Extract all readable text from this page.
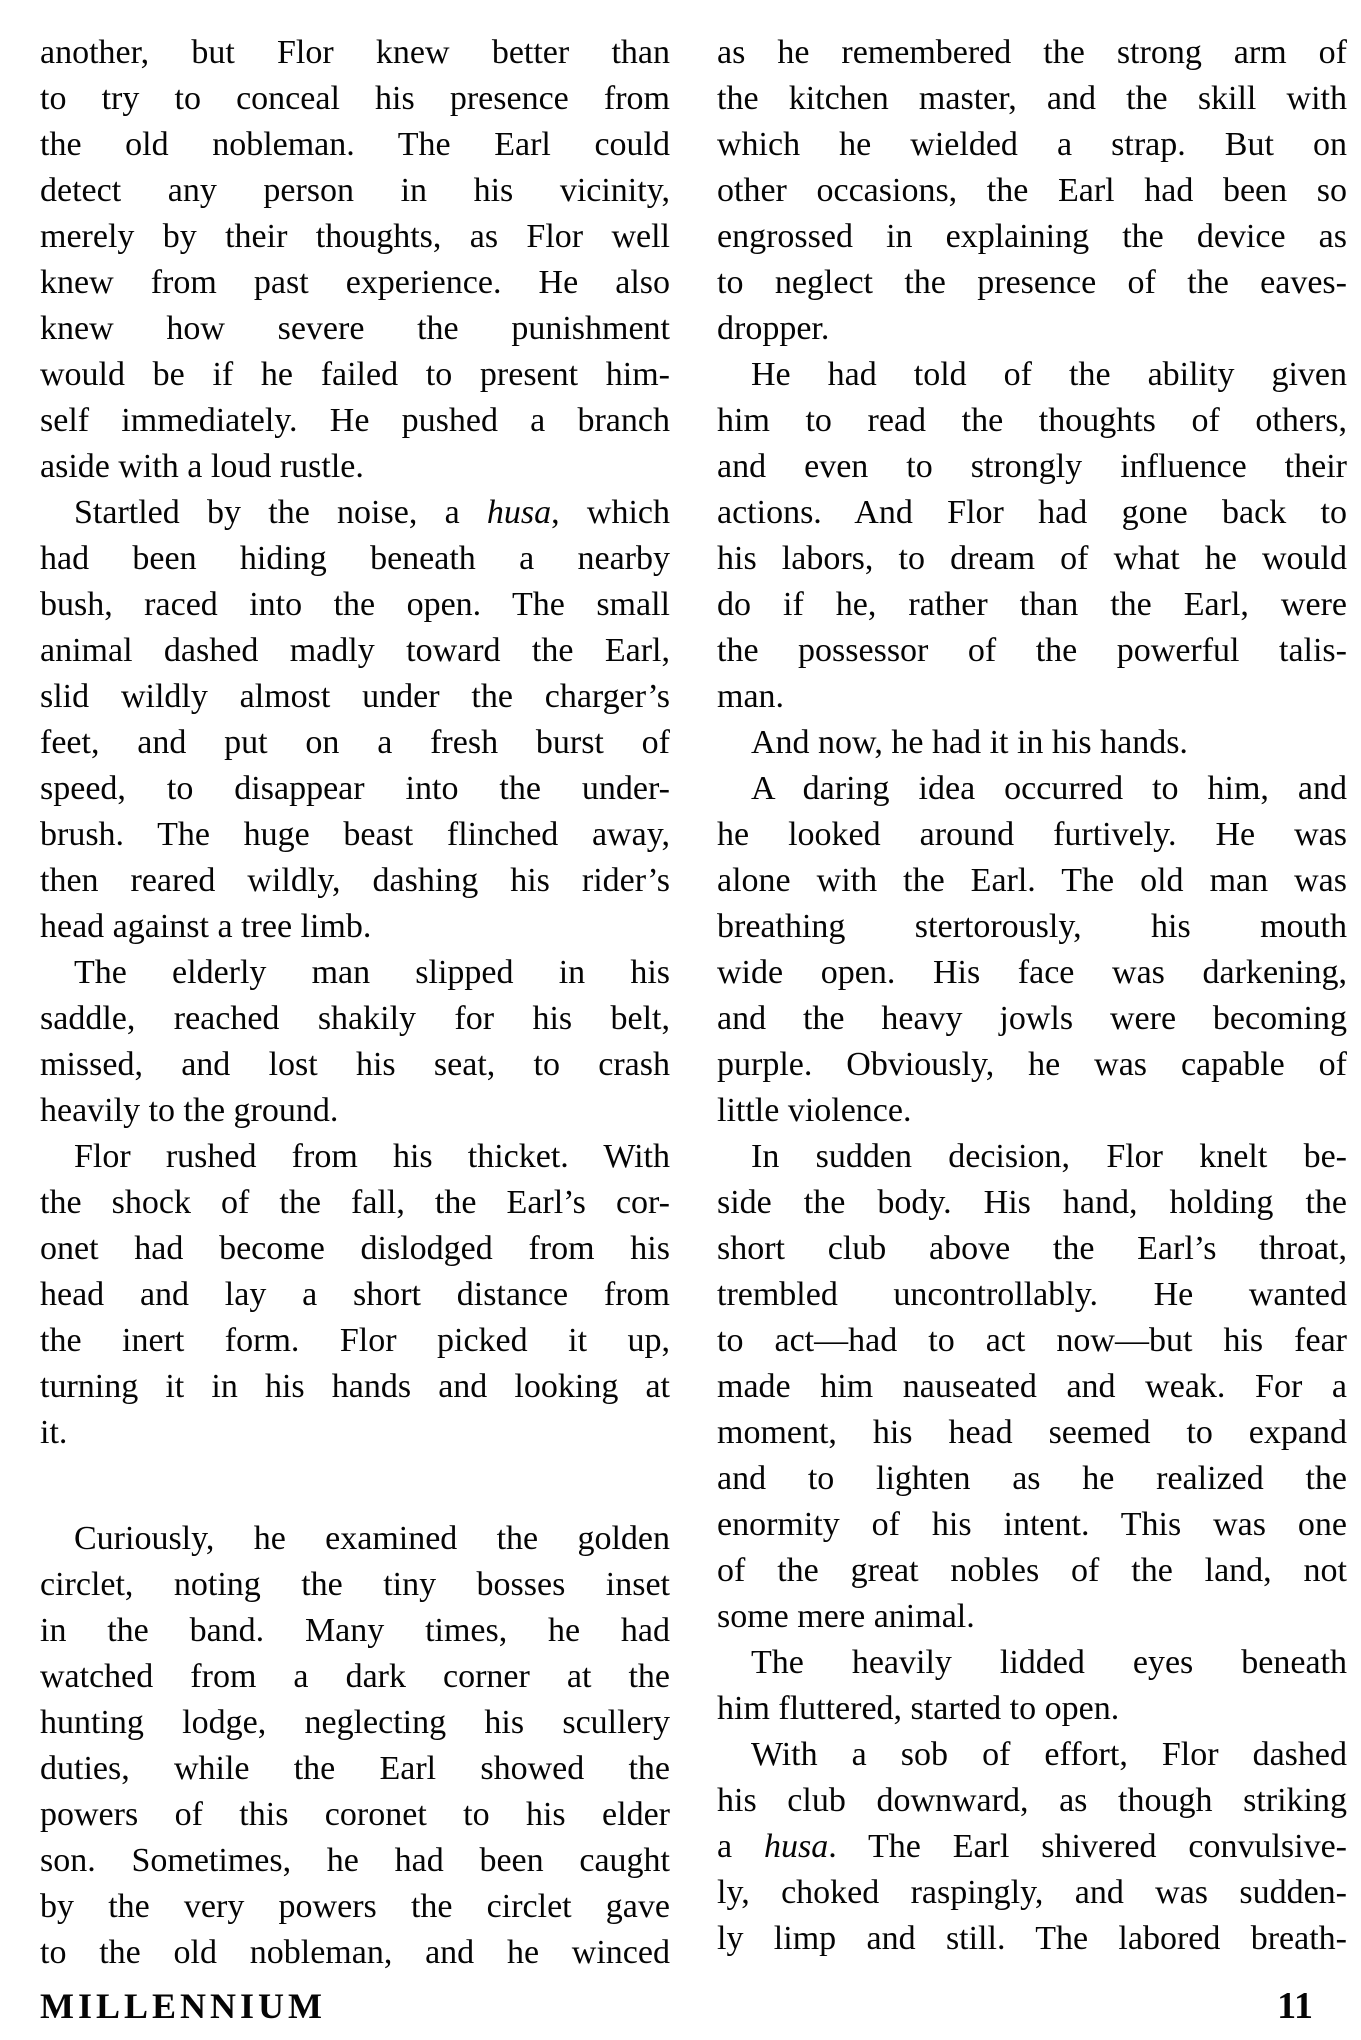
another, but Flor knew better than
to try to conceal his presence from
the old nobleman. The Earl could
detect any person in his vicinity,
merely by their thoughts, as Flor well
knew from past experience. He also
knew how severe the punishment
would be if he failed to present him-
self immediately. He pushed a branch
aside with a loud rustle.
Startled by the noise, a husa, which
had been hiding beneath a nearby
bush, raced into the open. The small
animal dashed madly toward the Earl,
slid wildly almost under the charger’s
feet, and put on a fresh burst of
speed, to disappear into the under-
brush. The huge beast flinched away,
then reared wildly, dashing his rider’s
head against a tree limb.
The elderly man slipped in his
saddle, reached shakily for his belt,
missed, and lost his seat, to crash
heavily to the ground.
Flor rushed from his thicket. With
the shock of the fall, the Earl’s cor-
onet had become dislodged from his
head and lay a short distance from
the inert form. Flor picked it up,
turning it in his hands and looking at
it.
Curiously, he examined the golden
circlet, noting the tiny bosses inset
in the band. Many times, he had
watched from a dark corner at the
hunting lodge, neglecting his scullery
duties, while the Earl showed the
powers of this coronet to his elder
son. Sometimes, he had been caught
by the very powers the circlet gave
to the old nobleman, and he winced
as he remembered the strong arm of
the kitchen master, and the skill with
which he wielded a strap. But on
other occasions, the Earl had been so
engrossed in explaining the device as
to neglect the presence of the eaves-
dropper.
He had told of the ability given
him to read the thoughts of others,
and even to strongly influence their
actions. And Flor had gone back to
his labors, to dream of what he would
do if he, rather than the Earl, were
the possessor of the powerful talis-
man.
And now, he had it in his hands.
A daring idea occurred to him, and
he looked around furtively. He was
alone with the Earl. The old man was
breathing stertorously, his mouth
wide open. His face was darkening,
and the heavy jowls were becoming
purple. Obviously, he was capable of
little violence.
In sudden decision, Flor knelt be-
side the body. His hand, holding the
short club above the Earl’s throat,
trembled uncontrollably. He wanted
to act—had to act now—but his fear
made him nauseated and weak. For a
moment, his head seemed to expand
and to lighten as he realized the
enormity of his intent. This was one
of the great nobles of the land, not
some mere animal.
The heavily lidded eyes beneath
him fluttered, started to open.
With a sob of effort, Flor dashed
his club downward, as though striking
a husa. The Earl shivered convulsive-
ly, choked raspingly, and was sudden-
ly limp and still. The labored breath-
MILLENNIUM	11
